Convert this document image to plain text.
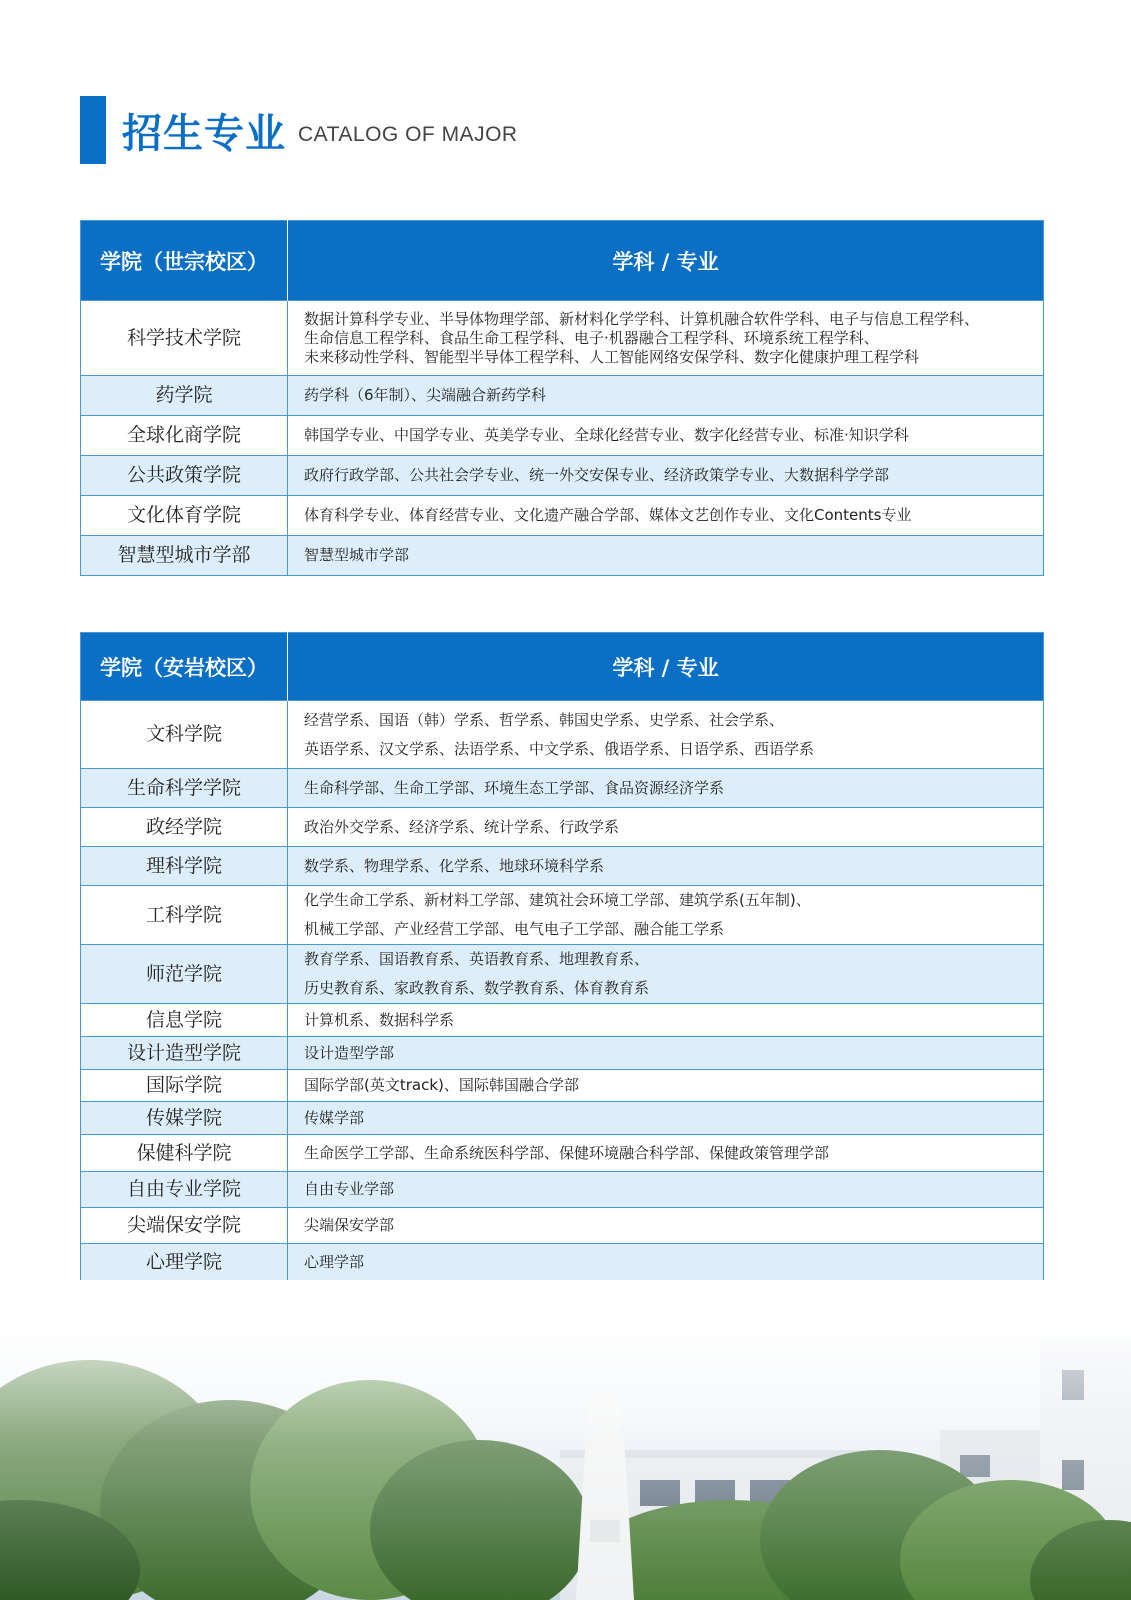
招生专业 CATALOG OF MAJOR
学院（世宗校区）	学科 / 专业
科学技术学院	数据计算科学专业、半导体物理学部、新材料化学学科、计算机融合软件学科、电子与信息工程学科、
生命信息工程学科、食品生命工程学科、电子·机器融合工程学科、环境系统工程学科、
未来移动性学科、智能型半导体工程学科、人工智能网络安保学科、数字化健康护理工程学科

药学院	药学科（6年制）、尖端融合新药学科

全球化商学院	韩国学专业、中国学专业、英美学专业、全球化经营专业、数字化经营专业、标准·知识学科

公共政策学院	政府行政学部、公共社会学专业、统一外交安保专业、经济政策学专业、大数据科学学部

文化体育学院	体育科学专业、体育经营专业、文化遗产融合学部、媒体文艺创作专业、文化Contents专业

智慧型城市学部	智慧型城市学部
学院（安岩校区）	学科 / 专业
文科学院	经营学系、国语（韩）学系、哲学系、韩国史学系、史学系、社会学系、
英语学系、汉文学系、法语学系、中文学系、俄语学系、日语学系、西语学系

生命科学学院	生命科学部、生命工学部、环境生态工学部、食品资源经济学系

政经学院	政治外交学系、经济学系、统计学系、行政学系

理科学院	数学系、物理学系、化学系、地球环境科学系

工科学院	化学生命工学系、新材料工学部、建筑社会环境工学部、建筑学系(五年制)、
机械工学部、产业经营工学部、电气电子工学部、融合能工学系

师范学院	教育学系、国语教育系、英语教育系、地理教育系、
历史教育系、家政教育系、数学教育系、体育教育系

信息学院	计算机系、数据科学系

设计造型学院	设计造型学部

国际学院	国际学部(英文track)、国际韩国融合学部

传媒学院	传媒学部

保健科学院	生命医学工学部、生命系统医科学部、保健环境融合科学部、保健政策管理学部

自由专业学院	自由专业学部

尖端保安学院	尖端保安学部

心理学院	心理学部
